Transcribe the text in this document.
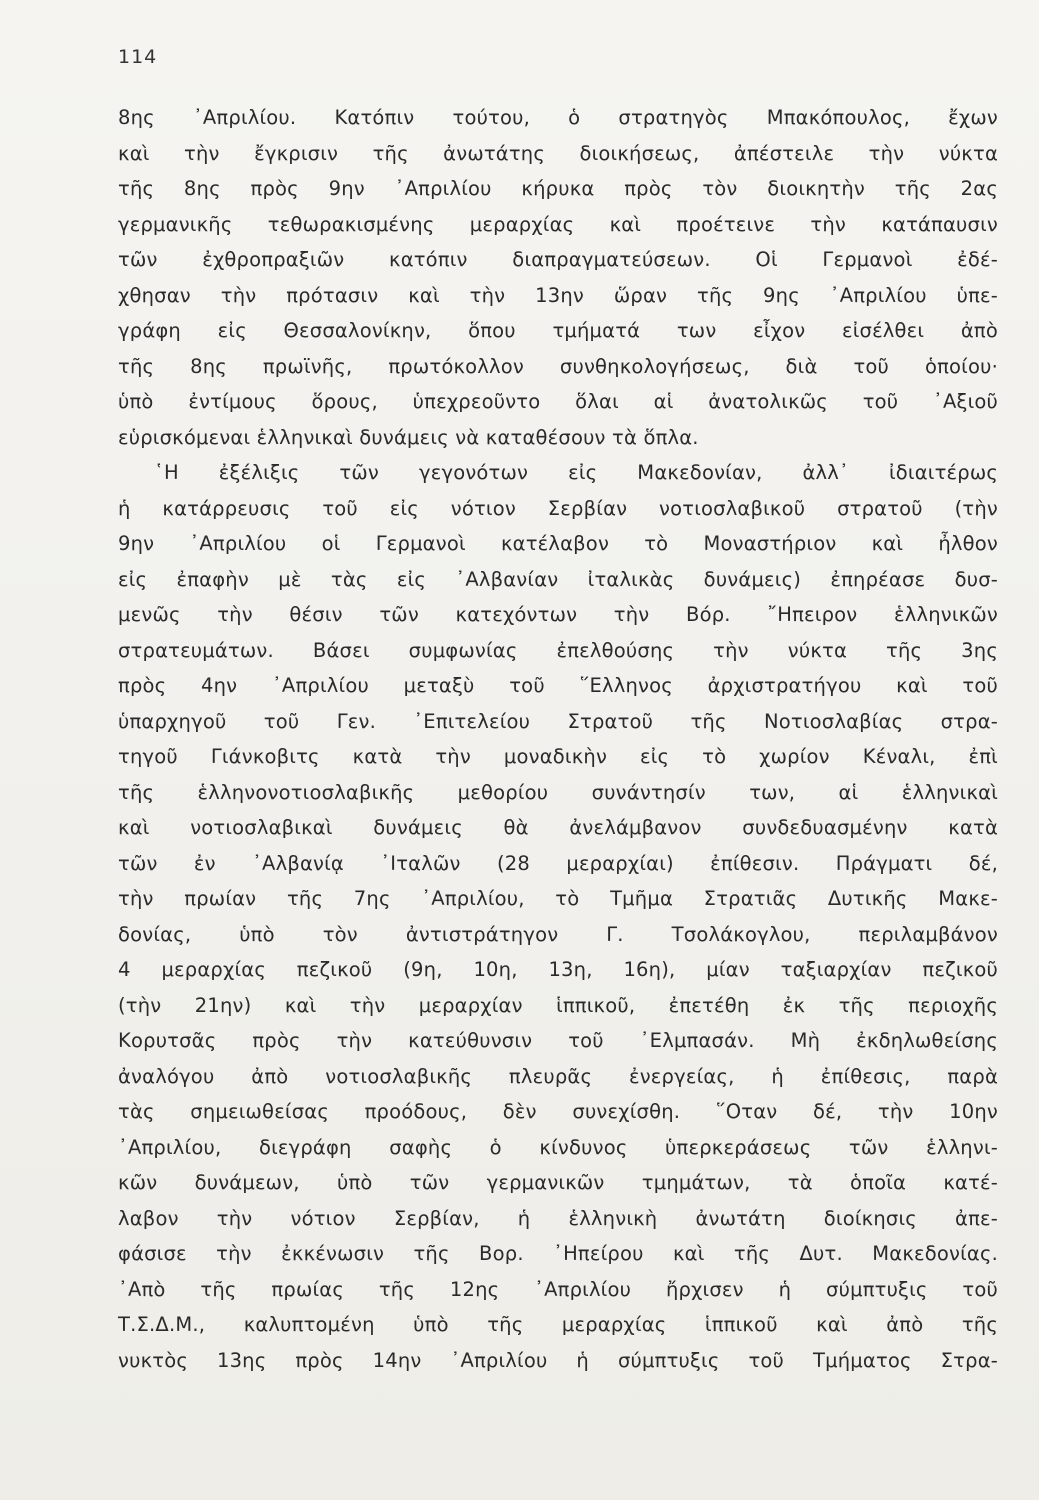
114
8ης ᾽Απριλίου. Κατόπιν τούτου, ὁ στρατηγὸς Μπακόπουλος, ἔχων
καὶ τὴν ἔγκρισιν τῆς ἀνωτάτης διοικήσεως, ἀπέστειλε τὴν νύκτα
τῆς 8ης πρὸς 9ην ᾽Απριλίου κήρυκα πρὸς τὸν διοικητὴν τῆς 2ας
γερμανικῆς τεθωρακισμένης μεραρχίας καὶ προέτεινε τὴν κατάπαυσιν
τῶν ἐχθροπραξιῶν κατόπιν διαπραγματεύσεων. Οἱ Γερμανοὶ ἐδέ-
χθησαν τὴν πρότασιν καὶ τὴν 13ην ὥραν τῆς 9ης ᾽Απριλίου ὑπε-
γράφη εἰς Θεσσαλονίκην, ὅπου τμήματά των εἶχον εἰσέλθει ἀπὸ
τῆς 8ης πρωϊνῆς, πρωτόκολλον συνθηκολογήσεως, διὰ τοῦ ὁποίου·
ὑπὸ ἐντίμους ὅρους, ὑπεχρεοῦντο ὅλαι αἱ ἀνατολικῶς τοῦ ᾽Αξιοῦ
εὑρισκόμεναι ἑλληνικαὶ δυνάμεις νὰ καταθέσουν τὰ ὅπλα.
῾Η ἐξέλιξις τῶν γεγονότων εἰς Μακεδονίαν, ἀλλ᾽ ἰδιαιτέρως
ἡ κατάρρευσις τοῦ εἰς νότιον Σερβίαν νοτιοσλαβικοῦ στρατοῦ (τὴν
9ην ᾽Απριλίου οἱ Γερμανοὶ κατέλαβον τὸ Μοναστήριον καὶ ἦλθον
εἰς ἐπαφὴν μὲ τὰς εἰς ᾽Αλβανίαν ἰταλικὰς δυνάμεις) ἐπηρέασε δυσ-
μενῶς τὴν θέσιν τῶν κατεχόντων τὴν Βόρ. ῎Ηπειρον ἑλληνικῶν
στρατευμάτων. Βάσει συμφωνίας ἐπελθούσης τὴν νύκτα τῆς 3ης
πρὸς 4ην ᾽Απριλίου μεταξὺ τοῦ ῞Ελληνος ἀρχιστρατήγου καὶ τοῦ
ὑπαρχηγοῦ τοῦ Γεν. ᾽Επιτελείου Στρατοῦ τῆς Νοτιοσλαβίας στρα-
τηγοῦ Γιάνκοβιτς κατὰ τὴν μοναδικὴν εἰς τὸ χωρίον Κέναλι, ἐπὶ
τῆς ἑλληνονοτιοσλαβικῆς μεθορίου συνάντησίν των, αἱ ἑλληνικαὶ
καὶ νοτιοσλαβικαὶ δυνάμεις θὰ ἀνελάμβανον συνδεδυασμένην κατὰ
τῶν ἐν ᾽Αλβανίᾳ ᾽Ιταλῶν (28 μεραρχίαι) ἐπίθεσιν. Πράγματι δέ,
τὴν πρωίαν τῆς 7ης ᾽Απριλίου, τὸ Τμῆμα Στρατιᾶς Δυτικῆς Μακε-
δονίας, ὑπὸ τὸν ἀντιστράτηγον Γ. Τσολάκογλου, περιλαμβάνον
4 μεραρχίας πεζικοῦ (9η, 10η, 13η, 16η), μίαν ταξιαρχίαν πεζικοῦ
(τὴν 21ην) καὶ τὴν μεραρχίαν ἱππικοῦ, ἐπετέθη ἐκ τῆς περιοχῆς
Κορυτσᾶς πρὸς τὴν κατεύθυνσιν τοῦ ᾽Ελμπασάν. Μὴ ἐκδηλωθείσης
ἀναλόγου ἀπὸ νοτιοσλαβικῆς πλευρᾶς ἐνεργείας, ἡ ἐπίθεσις, παρὰ
τὰς σημειωθείσας προόδους, δὲν συνεχίσθη. ῞Οταν δέ, τὴν 10ην
᾽Απριλίου, διεγράφη σαφὴς ὁ κίνδυνος ὑπερκεράσεως τῶν ἑλληνι-
κῶν δυνάμεων, ὑπὸ τῶν γερμανικῶν τμημάτων, τὰ ὁποῖα κατέ-
λαβον τὴν νότιον Σερβίαν, ἡ ἑλληνικὴ ἀνωτάτη διοίκησις ἀπε-
φάσισε τὴν ἐκκένωσιν τῆς Βορ. ᾽Ηπείρου καὶ τῆς Δυτ. Μακεδονίας.
᾽Απὸ τῆς πρωίας τῆς 12ης ᾽Απριλίου ἤρχισεν ἡ σύμπτυξις τοῦ
Τ.Σ.Δ.Μ., καλυπτομένη ὑπὸ τῆς μεραρχίας ἱππικοῦ καὶ ἀπὸ τῆς
νυκτὸς 13ης πρὸς 14ην ᾽Απριλίου ἡ σύμπτυξις τοῦ Τμήματος Στρα-
